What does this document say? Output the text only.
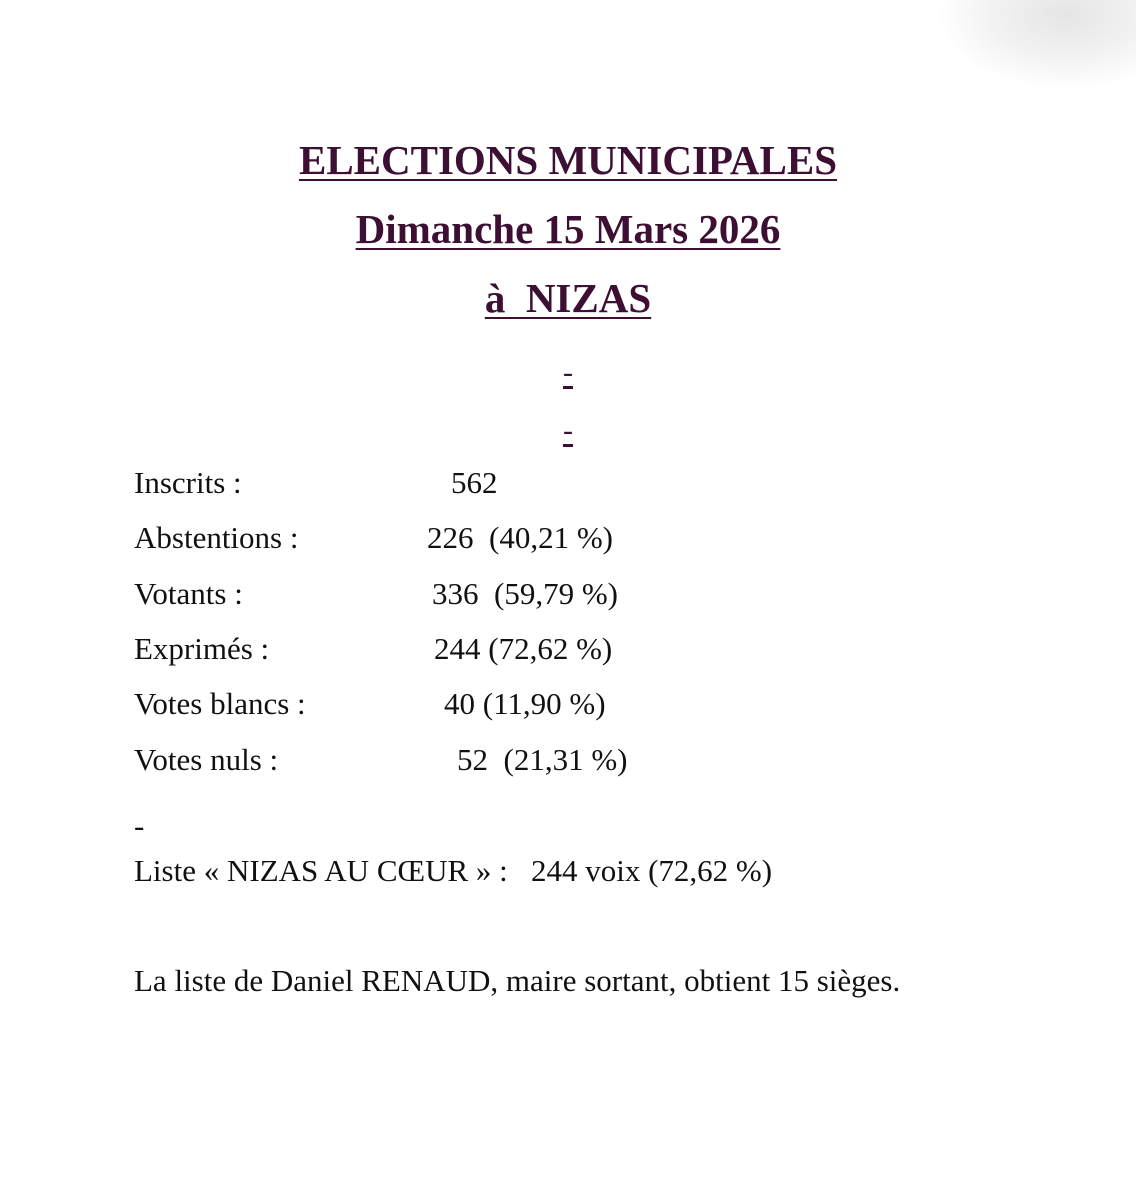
ELECTIONS MUNICIPALES
Dimanche 15 Mars 2026
à  NIZAS
-
-
Inscrits :	562
Abstentions :	226  (40,21 %)
Votants :	336  (59,79 %)
Exprimés :	244 (72,62 %)
Votes blancs :	40 (11,90 %)
Votes nuls :	52  (21,31 %)
-
Liste « NIZAS AU CŒUR » :   244 voix (72,62 %)
La liste de Daniel RENAUD, maire sortant, obtient 15 sièges.
